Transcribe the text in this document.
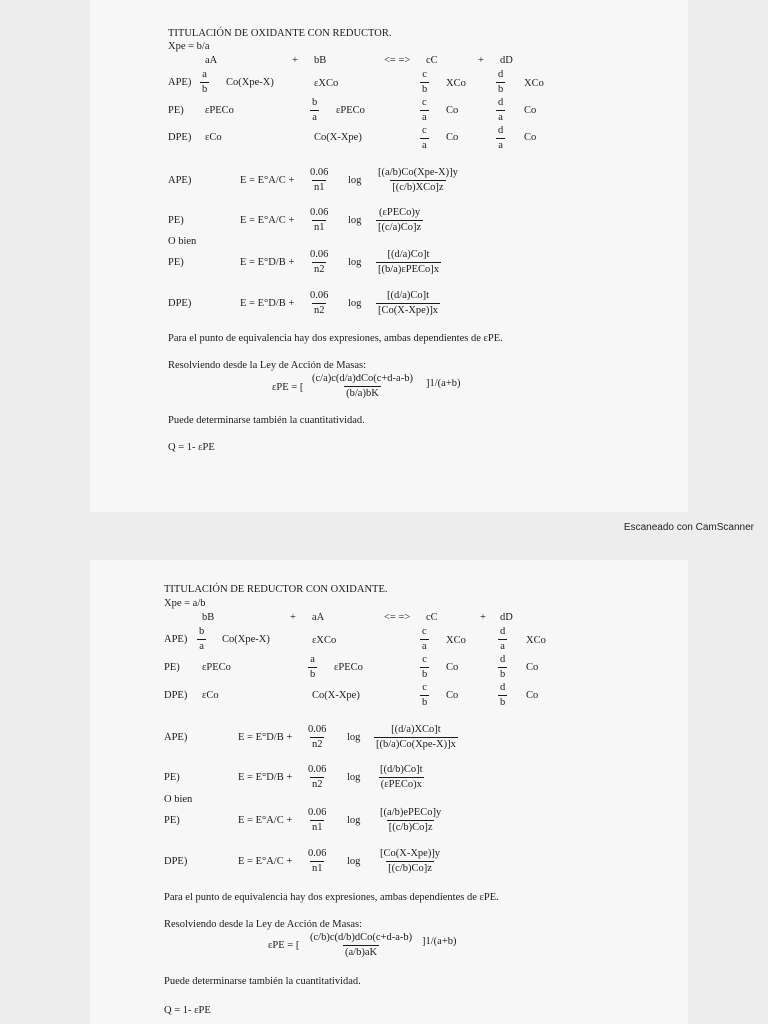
TITULACIÓN DE OXIDANTE CON REDUCTOR.
Xpe = b/a
aA	+ bB	<= => cC	+ dD
$APE) \frac{a}{b} Co(Xpe-X)$	εXCo	$\frac{c}{b}$ XCo	$\frac{d}{b}$ XCo
PE) εPECo	$\frac{b}{a}$ εPECo	$\frac{c}{a}$ Co	$\frac{d}{a}$ Co
DPE) εCo	Co(X-Xpe)	$\frac{c}{a}$ Co	$\frac{d}{a}$ Co
APE)	$E = E^\circ A/C + \frac{0.06}{n1}$ log
[(a/b)Co(Xpe-X)]y
[(c/b)XCo]z
PE)	$E = E^\circ A/C + \frac{0.06}{n1}$ log
(εPECo)y
[(c/a)Co]z
O bien
PE)	$E = E^\circ D/B + \frac{0.06}{n2}$ log
[(d/a)Co]t
[(b/a)εPECo]x
DPE)	$E = E^\circ D/B + \frac{0.06}{n2}$ log
[(d/a)Co]t
[Co(X-Xpe)]x
Para el punto de equivalencia hay dos expresiones, ambas dependientes de εPE.
Resolviendo desde la Ley de Acción de Masas:
εPE = [
(c/a)c(d/a)dCo(c+d-a-b)
(b/a)bK
]1/(a+b)
Puede determinarse también la cuantitatividad.
Q = 1- εPE
Escaneado con CamScanner
TITULACIÓN DE REDUCTOR CON OXIDANTE.
Xpe = a/b
bB	+ aA	<= => cC	+ dD
$APE) \frac{b}{a} Co(Xpe-X)$	εXCo	$\frac{c}{a}$ XCo	$\frac{d}{a}$ XCo
PE) εPECo	$\frac{a}{b}$ εPECo	$\frac{c}{b}$ Co	$\frac{d}{b}$ Co
DPE) εCo	Co(X-Xpe)	$\frac{c}{b}$ Co	$\frac{d}{b}$ Co
APE)	$E = E^\circ D/B + \frac{0.06}{n2}$ log
[(d/a)XCo]t
[(b/a)Co(Xpe-X)]x
PE)	$E = E^\circ D/B + \frac{0.06}{n2}$ log
[(d/b)Co]t
(εPECo)x
O bien
PE)	$E = E^\circ A/C + \frac{0.06}{n1}$ log
[(a/b)ePECo]y
[(c/b)Co]z
DPE)	$E = E^\circ A/C + \frac{0.06}{n1}$ log
[Co(X-Xpe)]y
[(c/b)Co]z
Para el punto de equivalencia hay dos expresiones, ambas dependientes de εPE.
Resolviendo desde la Ley de Acción de Masas:
εPE = [
(c/b)c(d/b)dCo(c+d-a-b)
(a/b)aK
]1/(a+b)
Puede determinarse también la cuantitatividad.
Q = 1- εPE
